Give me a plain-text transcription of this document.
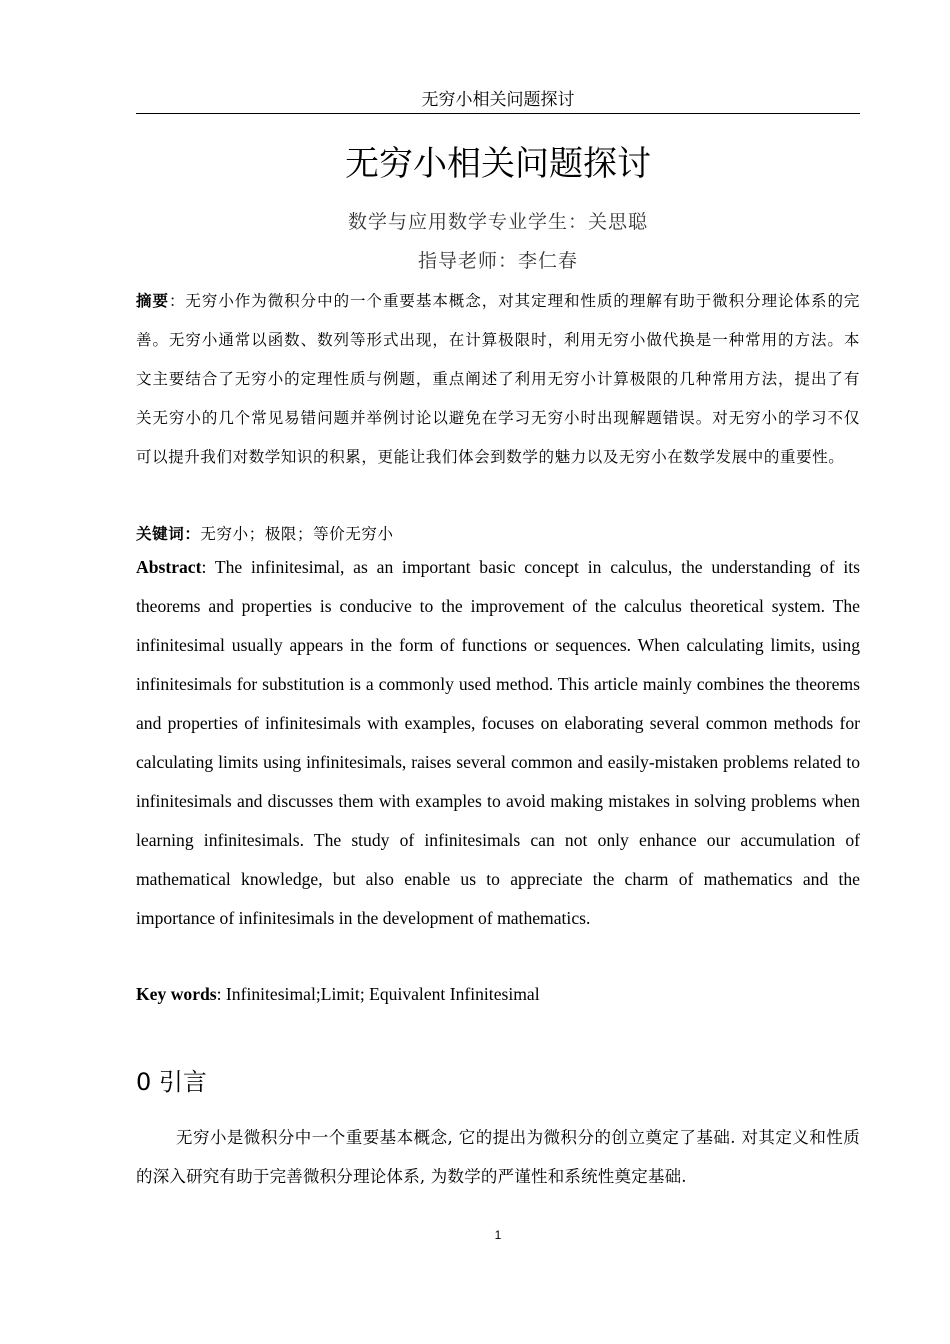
无穷小相关问题探讨
无穷小相关问题探讨
数学与应用数学专业学生：关思聪
指导老师：李仁春
摘要：无穷小作为微积分中的一个重要基本概念，对其定理和性质的理解有助于微积分理论体系的完善。无穷小通常以函数、数列等形式出现，在计算极限时，利用无穷小做代换是一种常用的方法。本文主要结合了无穷小的定理性质与例题，重点阐述了利用无穷小计算极限的几种常用方法，提出了有关无穷小的几个常见易错问题并举例讨论以避免在学习无穷小时出现解题错误。对无穷小的学习不仅可以提升我们对数学知识的积累，更能让我们体会到数学的魅力以及无穷小在数学发展中的重要性。
关键词：无穷小；极限；等价无穷小
Abstract: The infinitesimal, as an important basic concept in calculus, the understanding of its theorems and properties is conducive to the improvement of the calculus theoretical system. The infinitesimal usually appears in the form of functions or sequences. When calculating limits, using infinitesimals for substitution is a commonly used method. This article mainly combines the theorems and properties of infinitesimals with examples, focuses on elaborating several common methods for calculating limits using infinitesimals, raises several common and easily-mistaken problems related to infinitesimals and discusses them with examples to avoid making mistakes in solving problems when learning infinitesimals. The study of infinitesimals can not only enhance our accumulation of mathematical knowledge, but also enable us to appreciate the charm of mathematics and the importance of infinitesimals in the development of mathematics.
Key words: Infinitesimal;Limit; Equivalent Infinitesimal
0 引言
无穷小是微积分中一个重要基本概念, 它的提出为微积分的创立奠定了基础. 对其定义和性质的深入研究有助于完善微积分理论体系, 为数学的严谨性和系统性奠定基础.
1
